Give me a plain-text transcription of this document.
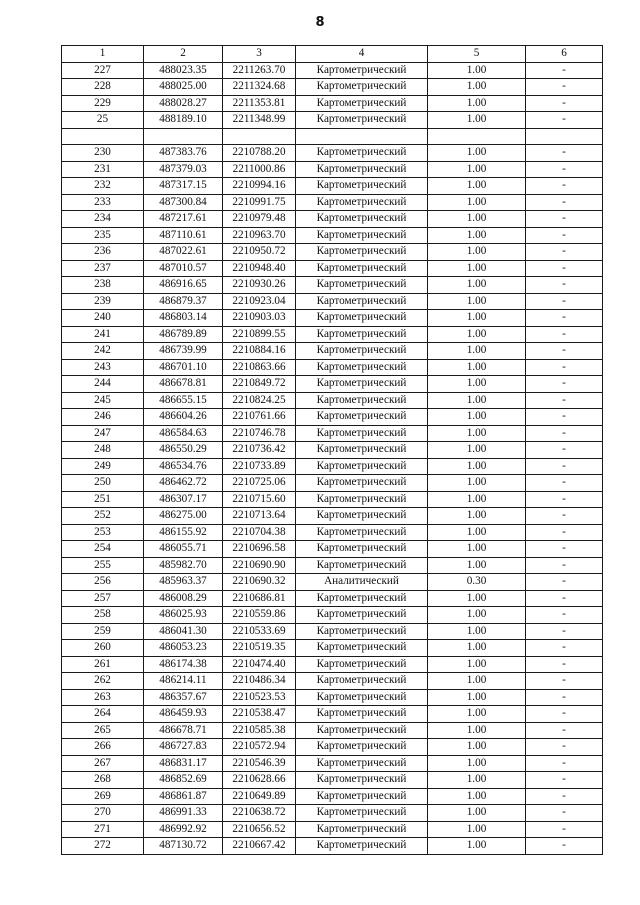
8
1	2	3	4	5	6
227	488023.35	2211263.70	Картометрический	1.00	-
228	488025.00	2211324.68	Картометрический	1.00	-
229	488028.27	2211353.81	Картометрический	1.00	-
25	488189.10	2211348.99	Картометрический	1.00	-

230	487383.76	2210788.20	Картометрический	1.00	-
231	487379.03	2211000.86	Картометрический	1.00	-
232	487317.15	2210994.16	Картометрический	1.00	-
233	487300.84	2210991.75	Картометрический	1.00	-
234	487217.61	2210979.48	Картометрический	1.00	-
235	487110.61	2210963.70	Картометрический	1.00	-
236	487022.61	2210950.72	Картометрический	1.00	-
237	487010.57	2210948.40	Картометрический	1.00	-
238	486916.65	2210930.26	Картометрический	1.00	-
239	486879.37	2210923.04	Картометрический	1.00	-
240	486803.14	2210903.03	Картометрический	1.00	-
241	486789.89	2210899.55	Картометрический	1.00	-
242	486739.99	2210884.16	Картометрический	1.00	-
243	486701.10	2210863.66	Картометрический	1.00	-
244	486678.81	2210849.72	Картометрический	1.00	-
245	486655.15	2210824.25	Картометрический	1.00	-
246	486604.26	2210761.66	Картометрический	1.00	-
247	486584.63	2210746.78	Картометрический	1.00	-
248	486550.29	2210736.42	Картометрический	1.00	-
249	486534.76	2210733.89	Картометрический	1.00	-
250	486462.72	2210725.06	Картометрический	1.00	-
251	486307.17	2210715.60	Картометрический	1.00	-
252	486275.00	2210713.64	Картометрический	1.00	-
253	486155.92	2210704.38	Картометрический	1.00	-
254	486055.71	2210696.58	Картометрический	1.00	-
255	485982.70	2210690.90	Картометрический	1.00	-
256	485963.37	2210690.32	Аналитический	0.30	-
257	486008.29	2210686.81	Картометрический	1.00	-
258	486025.93	2210559.86	Картометрический	1.00	-
259	486041.30	2210533.69	Картометрический	1.00	-
260	486053.23	2210519.35	Картометрический	1.00	-
261	486174.38	2210474.40	Картометрический	1.00	-
262	486214.11	2210486.34	Картометрический	1.00	-
263	486357.67	2210523.53	Картометрический	1.00	-
264	486459.93	2210538.47	Картометрический	1.00	-
265	486678.71	2210585.38	Картометрический	1.00	-
266	486727.83	2210572.94	Картометрический	1.00	-
267	486831.17	2210546.39	Картометрический	1.00	-
268	486852.69	2210628.66	Картометрический	1.00	-
269	486861.87	2210649.89	Картометрический	1.00	-
270	486991.33	2210638.72	Картометрический	1.00	-
271	486992.92	2210656.52	Картометрический	1.00	-
272	487130.72	2210667.42	Картометрический	1.00	-
